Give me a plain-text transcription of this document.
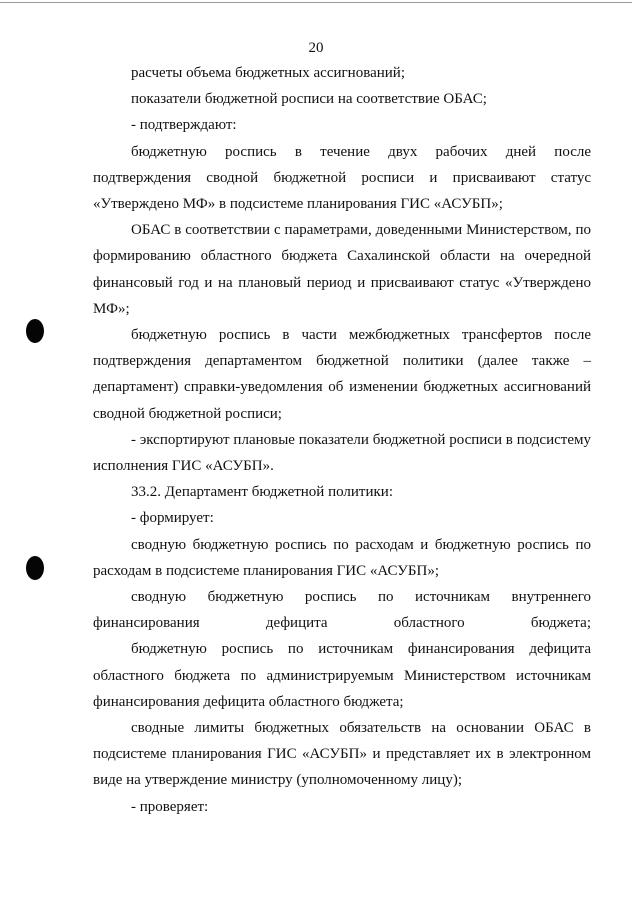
20

расчеты объема бюджетных ассигнований;

показатели бюджетной росписи на соответствие ОБАС;

- подтверждают:

бюджетную роспись в течение двух рабочих дней после подтверждения сводной бюджетной росписи и присваивают статус «Утверждено МФ» в подсистеме планирования ГИС «АСУБП»;

ОБАС в соответствии с параметрами, доведенными Министерством, по формированию областного бюджета Сахалинской области на очередной финансовый год и на плановый период и присваивают статус «Утверждено МФ»;

бюджетную роспись в части межбюджетных трансфертов после подтверждения департаментом бюджетной политики (далее также – департамент) справки-уведомления об изменении бюджетных ассигнований сводной бюджетной росписи;

- экспортируют плановые показатели бюджетной росписи в подсистему исполнения ГИС «АСУБП».

33.2. Департамент бюджетной политики:

- формирует:

сводную бюджетную роспись по расходам и бюджетную роспись по расходам в подсистеме планирования ГИС «АСУБП»;

сводную бюджетную роспись по источникам внутреннего финансирования дефицита областного бюджета;

бюджетную роспись по источникам финансирования дефицита областного бюджета по администрируемым Министерством источникам финансирования дефицита областного бюджета;

сводные лимиты бюджетных обязательств на основании ОБАС в подсистеме планирования ГИС «АСУБП» и представляет их в электронном виде на утверждение министру (уполномоченному лицу);

- проверяет:
